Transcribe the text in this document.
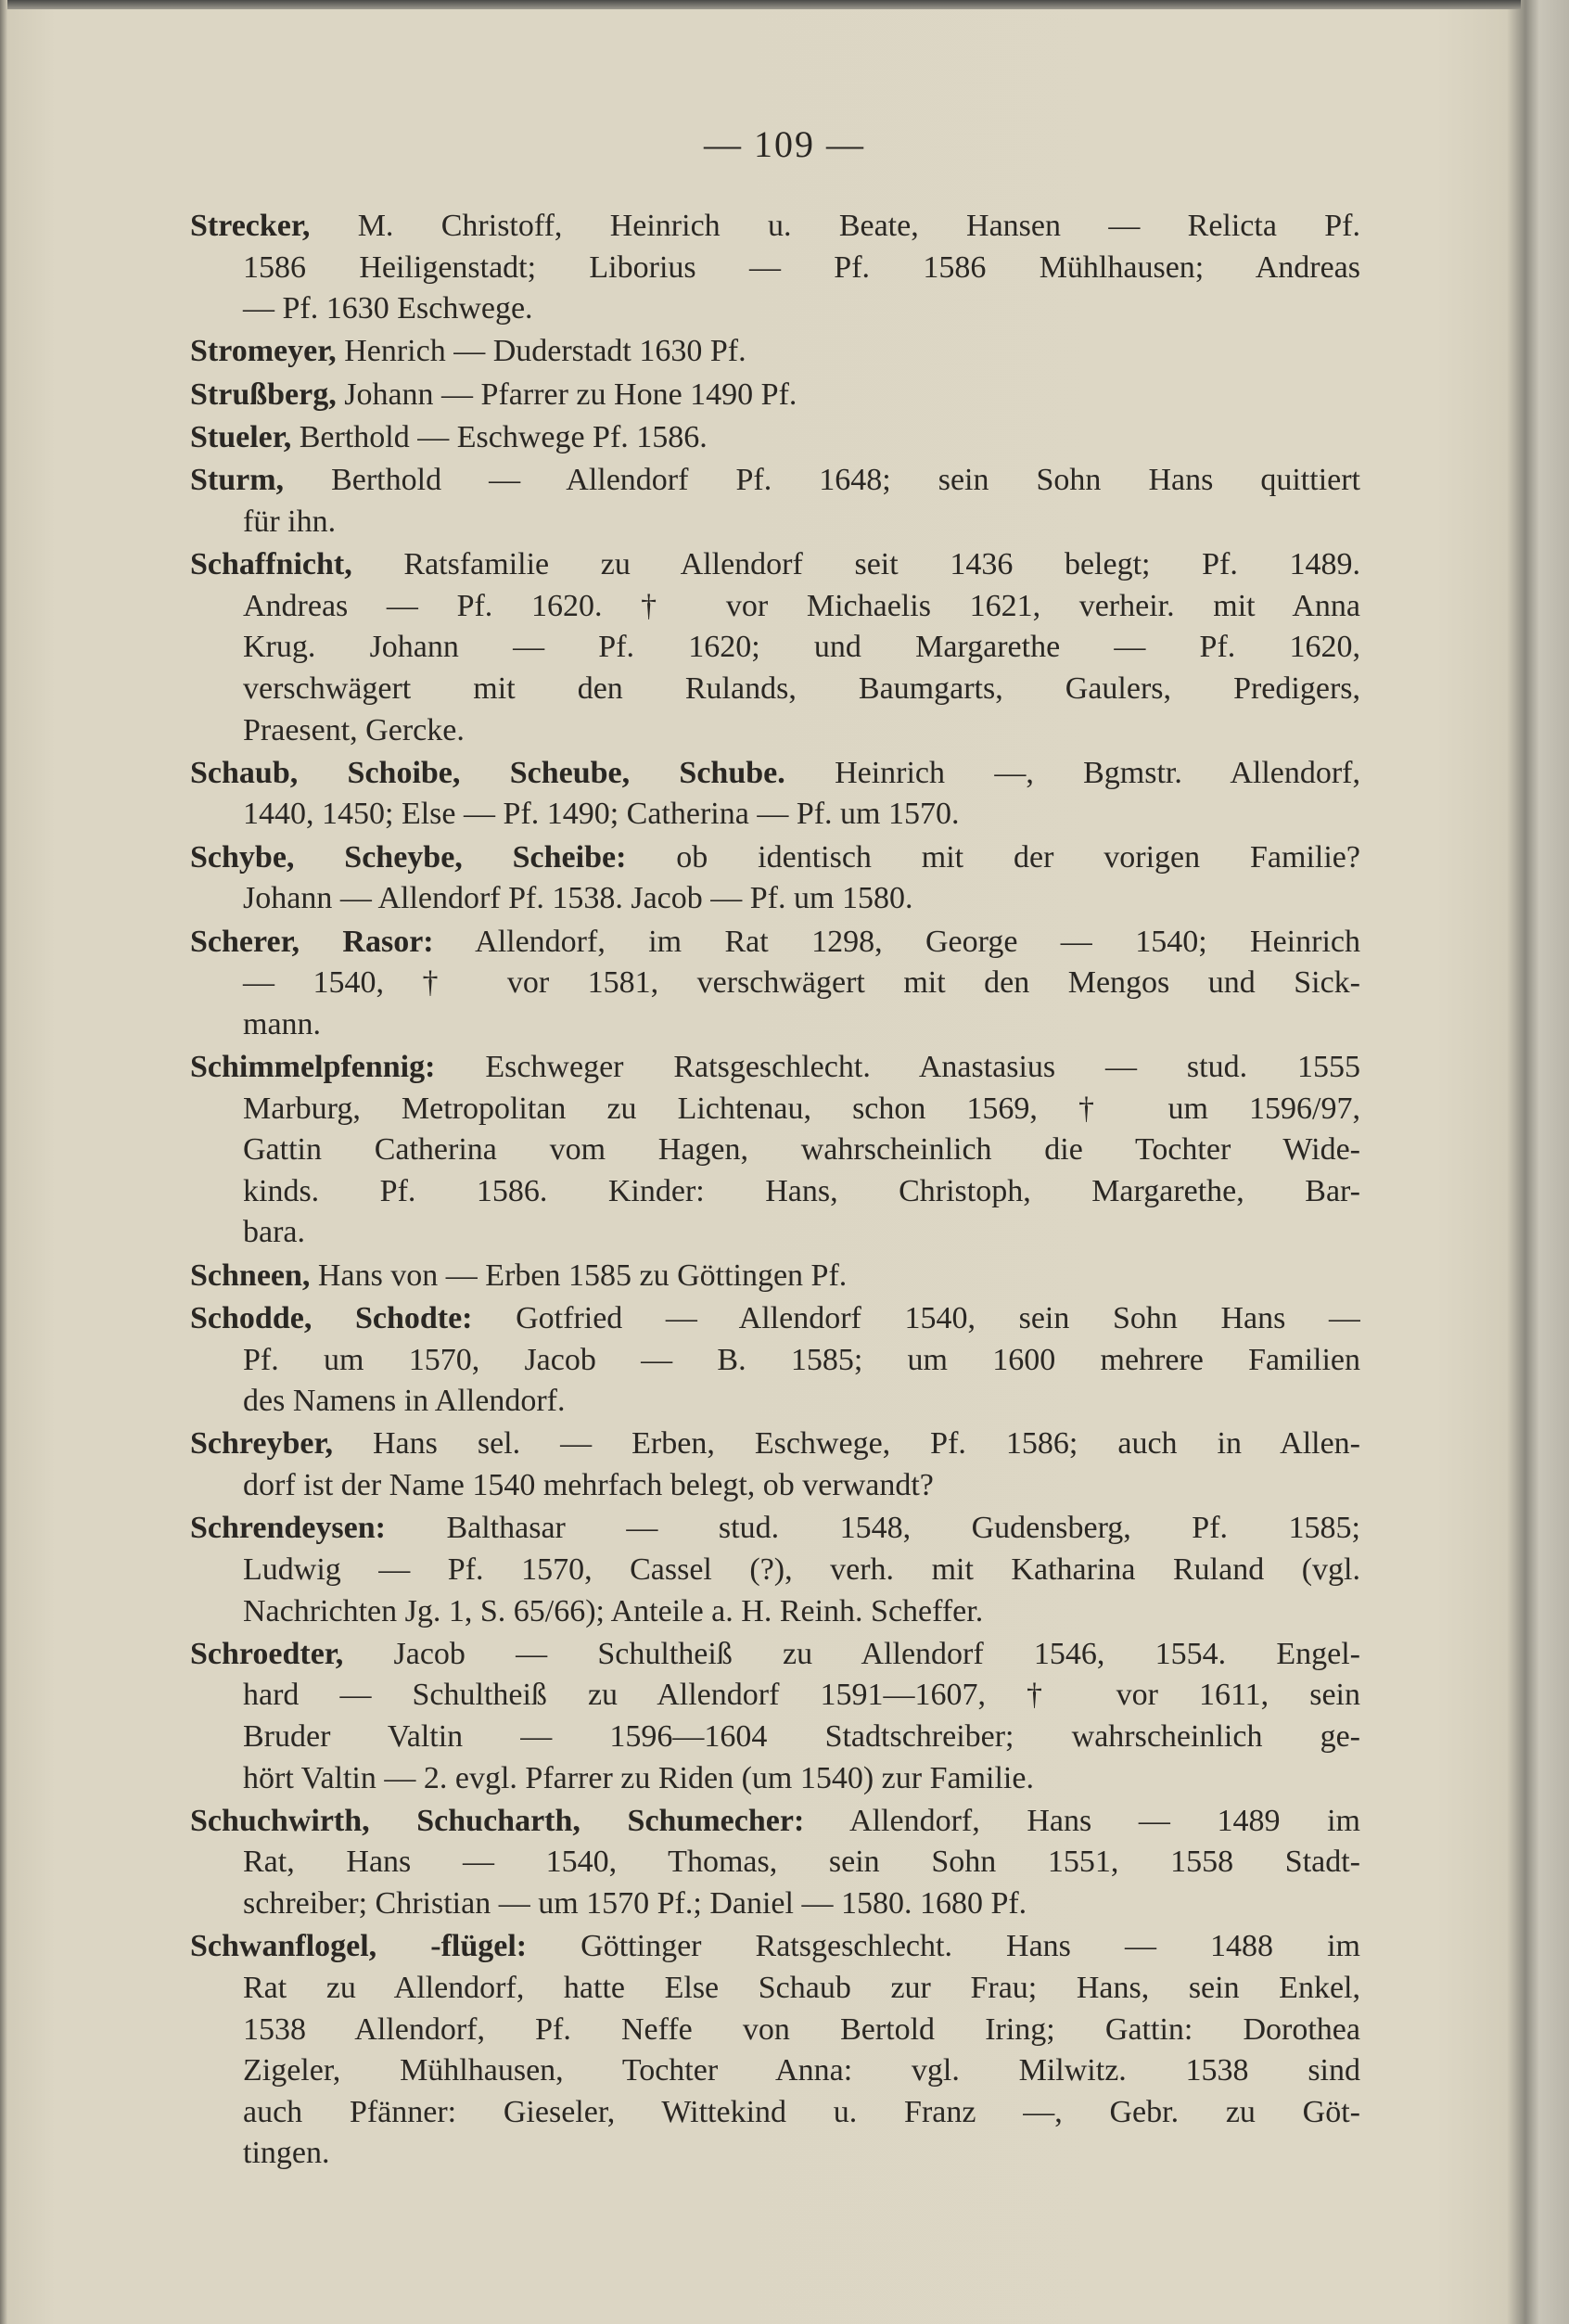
— 109 —
Strecker, M. Christoff, Heinrich u. Beate, Hansen — Relicta Pf.
1586 Heiligenstadt; Liborius — Pf. 1586 Mühlhausen; Andreas
— Pf. 1630 Eschwege.
Stromeyer, Henrich — Duderstadt 1630 Pf.
Strußberg, Johann — Pfarrer zu Hone 1490 Pf.
Stueler, Berthold — Eschwege Pf. 1586.
Sturm, Berthold — Allendorf Pf. 1648; sein Sohn Hans quittiert
für ihn.
Schaffnicht, Ratsfamilie zu Allendorf seit 1436 belegt; Pf. 1489.
Andreas — Pf. 1620. † vor Michaelis 1621, verheir. mit Anna
Krug. Johann — Pf. 1620; und Margarethe — Pf. 1620,
verschwägert mit den Rulands, Baumgarts, Gaulers, Predigers,
Praesent, Gercke.
Schaub, Schoibe, Scheube, Schube. Heinrich —, Bgmstr. Allendorf,
1440, 1450; Else — Pf. 1490; Catherina — Pf. um 1570.
Schybe, Scheybe, Scheibe: ob identisch mit der vorigen Familie?
Johann — Allendorf Pf. 1538. Jacob — Pf. um 1580.
Scherer, Rasor: Allendorf, im Rat 1298, George — 1540; Heinrich
— 1540, † vor 1581, verschwägert mit den Mengos und Sick-
mann.
Schimmelpfennig: Eschweger Ratsgeschlecht. Anastasius — stud. 1555
Marburg, Metropolitan zu Lichtenau, schon 1569, † um 1596/97,
Gattin Catherina vom Hagen, wahrscheinlich die Tochter Wide-
kinds. Pf. 1586. Kinder: Hans, Christoph, Margarethe, Bar-
bara.
Schneen, Hans von — Erben 1585 zu Göttingen Pf.
Schodde, Schodte: Gotfried — Allendorf 1540, sein Sohn Hans —
Pf. um 1570, Jacob — B. 1585; um 1600 mehrere Familien
des Namens in Allendorf.
Schreyber, Hans sel. — Erben, Eschwege, Pf. 1586; auch in Allen-
dorf ist der Name 1540 mehrfach belegt, ob verwandt?
Schrendeysen: Balthasar — stud. 1548, Gudensberg, Pf. 1585;
Ludwig — Pf. 1570, Cassel (?), verh. mit Katharina Ruland (vgl.
Nachrichten Jg. 1, S. 65/66); Anteile a. H. Reinh. Scheffer.
Schroedter, Jacob — Schultheiß zu Allendorf 1546, 1554. Engel-
hard — Schultheiß zu Allendorf 1591—1607, † vor 1611, sein
Bruder Valtin — 1596—1604 Stadtschreiber; wahrscheinlich ge-
hört Valtin — 2. evgl. Pfarrer zu Riden (um 1540) zur Familie.
Schuchwirth, Schucharth, Schumecher: Allendorf, Hans — 1489 im
Rat, Hans — 1540, Thomas, sein Sohn 1551, 1558 Stadt-
schreiber; Christian — um 1570 Pf.; Daniel — 1580. 1680 Pf.
Schwanflogel, -flügel: Göttinger Ratsgeschlecht. Hans — 1488 im
Rat zu Allendorf, hatte Else Schaub zur Frau; Hans, sein Enkel,
1538 Allendorf, Pf. Neffe von Bertold Iring; Gattin: Dorothea
Zigeler, Mühlhausen, Tochter Anna: vgl. Milwitz. 1538 sind
auch Pfänner: Gieseler, Wittekind u. Franz —, Gebr. zu Göt-
tingen.
